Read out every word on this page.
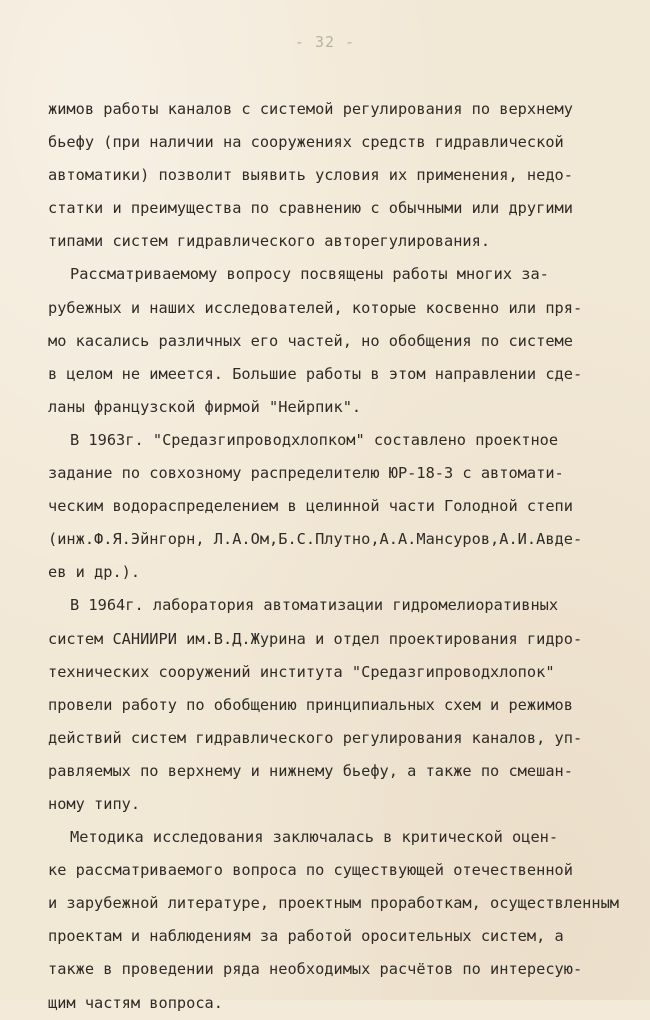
- 32 -
жимов работы каналов с системой регулирования по верхнему
бьефу (при наличии на сооружениях средств гидравлической
автоматики) позволит выявить условия их применения, недо-
статки и преимущества по сравнению с обычными или другими
типами систем гидравлического авторегулирования.
Рассматриваемому вопросу посвящены работы многих за-
рубежных и наших исследователей, которые косвенно или пря-
мо касались различных его частей, но обобщения по системе
в целом не имеется. Большие работы в этом направлении сде-
ланы французской фирмой "Нейрпик".
В 1963г. "Средазгипроводхлопком" составлено проектное
задание по совхозному распределителю ЮР-18-3 с автомати-
ческим водораспределением в целинной части Голодной степи
(инж.Ф.Я.Эйнгорн, Л.А.Ом,Б.С.Плутно,А.А.Мансуров,А.И.Авде-
ев и др.).
В 1964г. лаборатория автоматизации гидромелиоративных
систем САНИИРИ им.В.Д.Журина и отдел проектирования гидро-
технических сооружений института "Средазгипроводхлопок"
провели работу по обобщению принципиальных схем и режимов
действий систем гидравлического регулирования каналов, уп-
равляемых по верхнему и нижнему бьефу, а также по смешан-
ному типу.
Методика исследования заключалась в критической оцен-
ке рассматриваемого вопроса по существующей отечественной
и зарубежной литературе, проектным проработкам, осуществленным
проектам и наблюдениям за работой оросительных систем, а
также в проведении ряда необходимых расчётов по интересую-
щим частям вопроса.
